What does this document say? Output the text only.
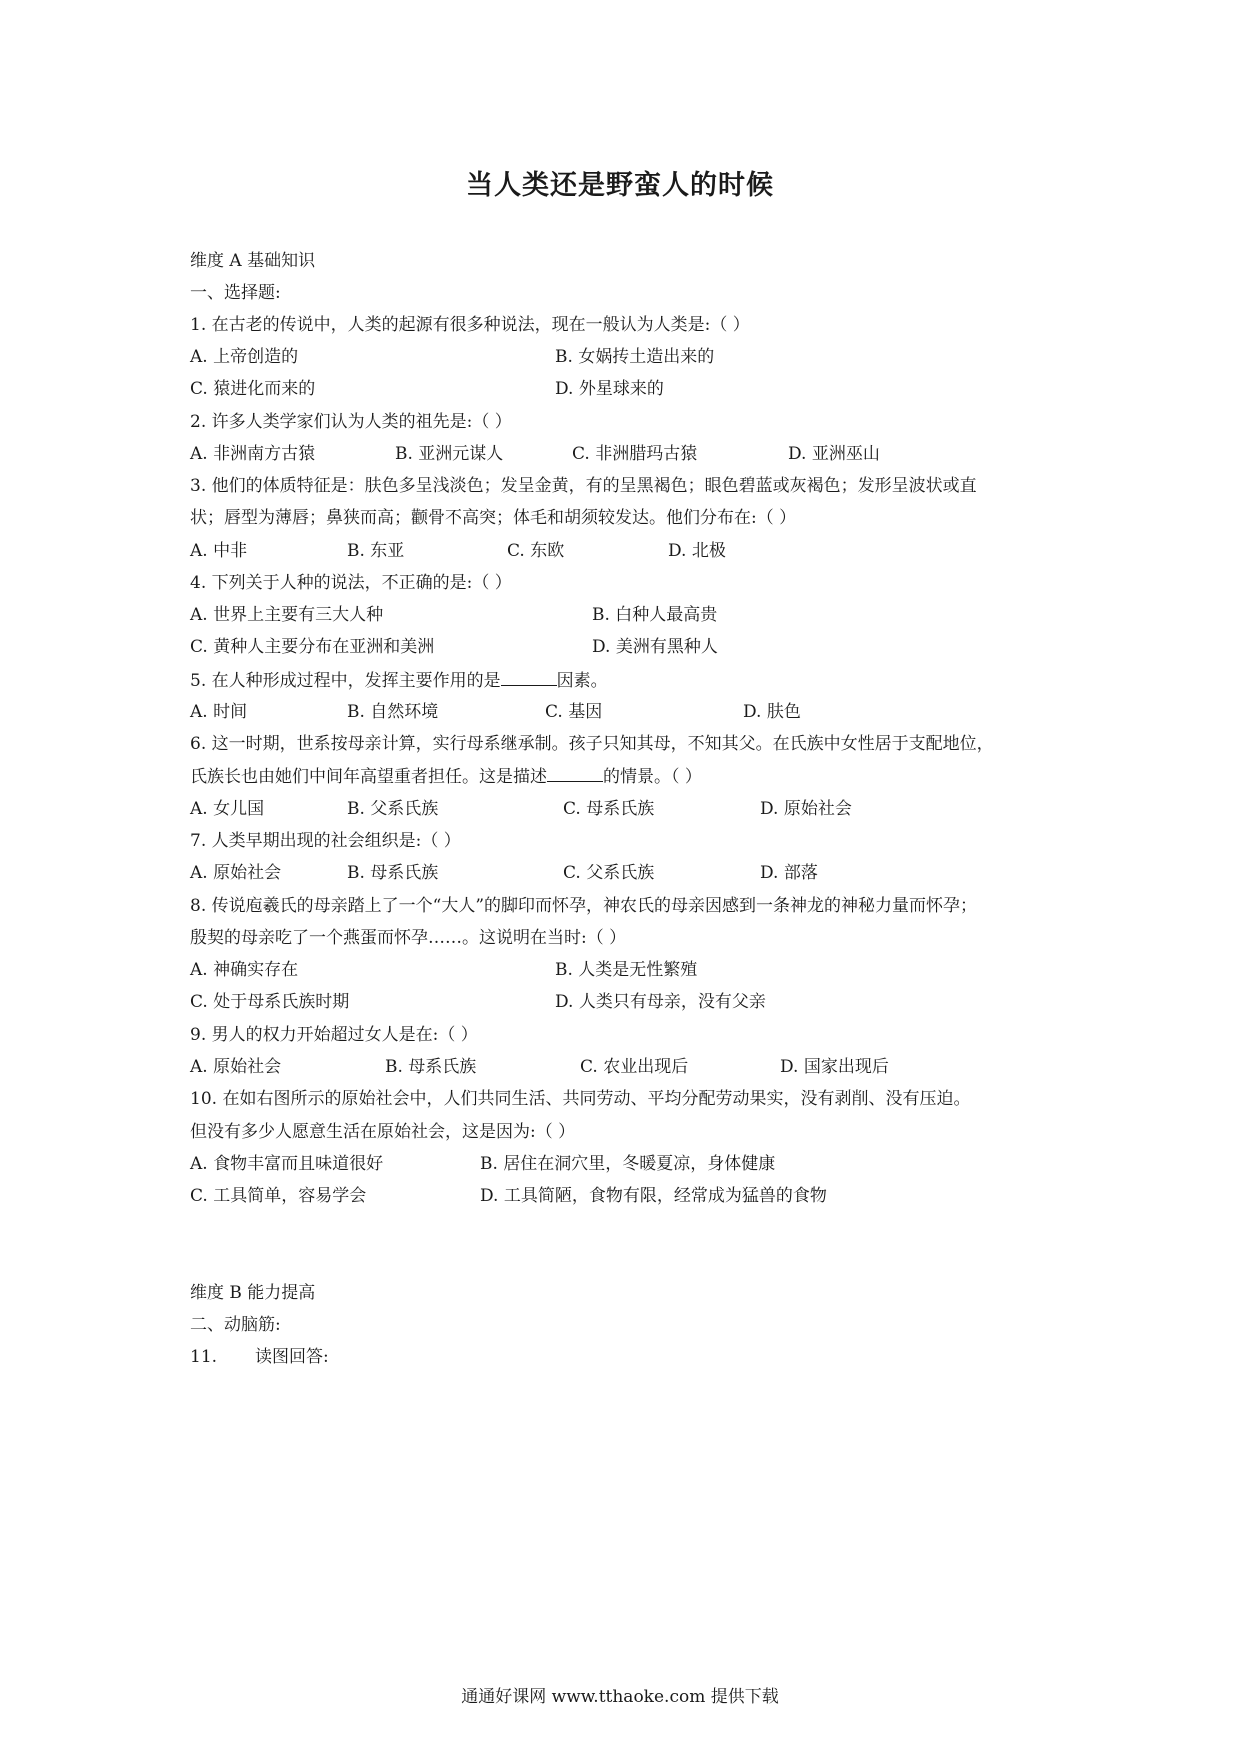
当人类还是野蛮人的时候
维度 A 基础知识
一、选择题:
1. 在古老的传说中，人类的起源有很多种说法，现在一般认为人类是:（ ）
A. 上帝创造的	B. 女娲抟土造出来的
C. 猿进化而来的	D. 外星球来的
2. 许多人类学家们认为人类的祖先是:（ ）
A. 非洲南方古猿	B. 亚洲元谋人	C. 非洲腊玛古猿	D. 亚洲巫山
3. 他们的体质特征是：肤色多呈浅淡色；发呈金黄，有的呈黑褐色；眼色碧蓝或灰褐色；发形呈波状或直
状；唇型为薄唇；鼻狭而高；颧骨不高突；体毛和胡须较发达。他们分布在:（ ）
A. 中非	B. 东亚	C. 东欧	D. 北极
4. 下列关于人种的说法，不正确的是:（ ）
A. 世界上主要有三大人种	B. 白种人最高贵
C. 黄种人主要分布在亚洲和美洲	D. 美洲有黑种人
5. 在人种形成过程中，发挥主要作用的是	因素。
A. 时间	B. 自然环境	C. 基因	D. 肤色
6. 这一时期，世系按母亲计算，实行母系继承制。孩子只知其母，不知其父。在氏族中女性居于支配地位，
氏族长也由她们中间年高望重者担任。这是描述	的情景。（ ）
A. 女儿国	B. 父系氏族	C. 母系氏族	D. 原始社会
7. 人类早期出现的社会组织是:（ ）
A. 原始社会	B. 母系氏族	C. 父系氏族	D. 部落
8. 传说庖羲氏的母亲踏上了一个“大人”的脚印而怀孕，神农氏的母亲因感到一条神龙的神秘力量而怀孕；
殷契的母亲吃了一个燕蛋而怀孕……。这说明在当时:（ ）
A. 神确实存在	B. 人类是无性繁殖
C. 处于母系氏族时期	D. 人类只有母亲，没有父亲
9. 男人的权力开始超过女人是在:（ ）
A. 原始社会	B. 母系氏族	C. 农业出现后	D. 国家出现后
10. 在如右图所示的原始社会中，人们共同生活、共同劳动、平均分配劳动果实，没有剥削、没有压迫。
但没有多少人愿意生活在原始社会，这是因为:（ ）
A. 食物丰富而且味道很好	B. 居住在洞穴里，冬暖夏凉，身体健康
C. 工具简单，容易学会	D. 工具简陋，食物有限，经常成为猛兽的食物
维度 B 能力提高
二、动脑筋:
11. 读图回答:
通通好课网 www.tthaoke.com 提供下载
